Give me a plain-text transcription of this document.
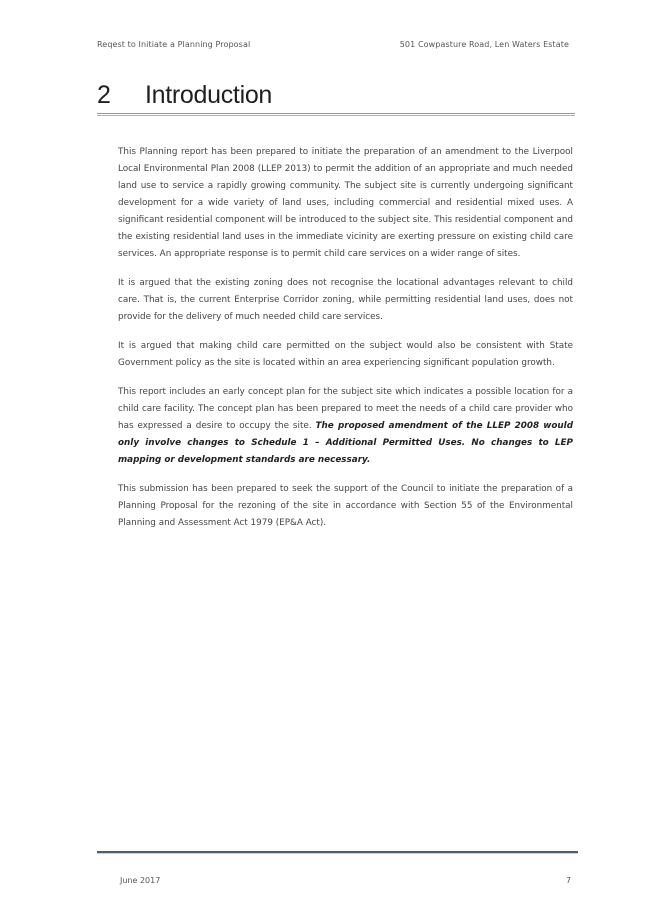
Reqest to Initiate a Planning Proposal	501 Cowpasture Road, Len Waters Estate
2 Introduction

This Planning report has been prepared to initiate the preparation of an amendment to the Liverpool Local Environmental Plan 2008 (LLEP 2013) to permit the addition of an appropriate and much needed land use to service a rapidly growing community. The subject site is currently undergoing significant development for a wide variety of land uses, including commercial and residential mixed uses. A significant residential component will be introduced to the subject site. This residential component and the existing residential land uses in the immediate vicinity are exerting pressure on existing child care services. An appropriate response is to permit child care services on a wider range of sites.

It is argued that the existing zoning does not recognise the locational advantages relevant to child care. That is, the current Enterprise Corridor zoning, while permitting residential land uses, does not provide for the delivery of much needed child care services.

It is argued that making child care permitted on the subject would also be consistent with State Government policy as the site is located within an area experiencing significant population growth.

This report includes an early concept plan for the subject site which indicates a possible location for a child care facility. The concept plan has been prepared to meet the needs of a child care provider who has expressed a desire to occupy the site. The proposed amendment of the LLEP 2008 would only involve changes to Schedule 1 – Additional Permitted Uses. No changes to LEP mapping or development standards are necessary.

This submission has been prepared to seek the support of the Council to initiate the preparation of a Planning Proposal for the rezoning of the site in accordance with Section 55 of the Environmental Planning and Assessment Act 1979 (EP&A Act).

June 2017	7
